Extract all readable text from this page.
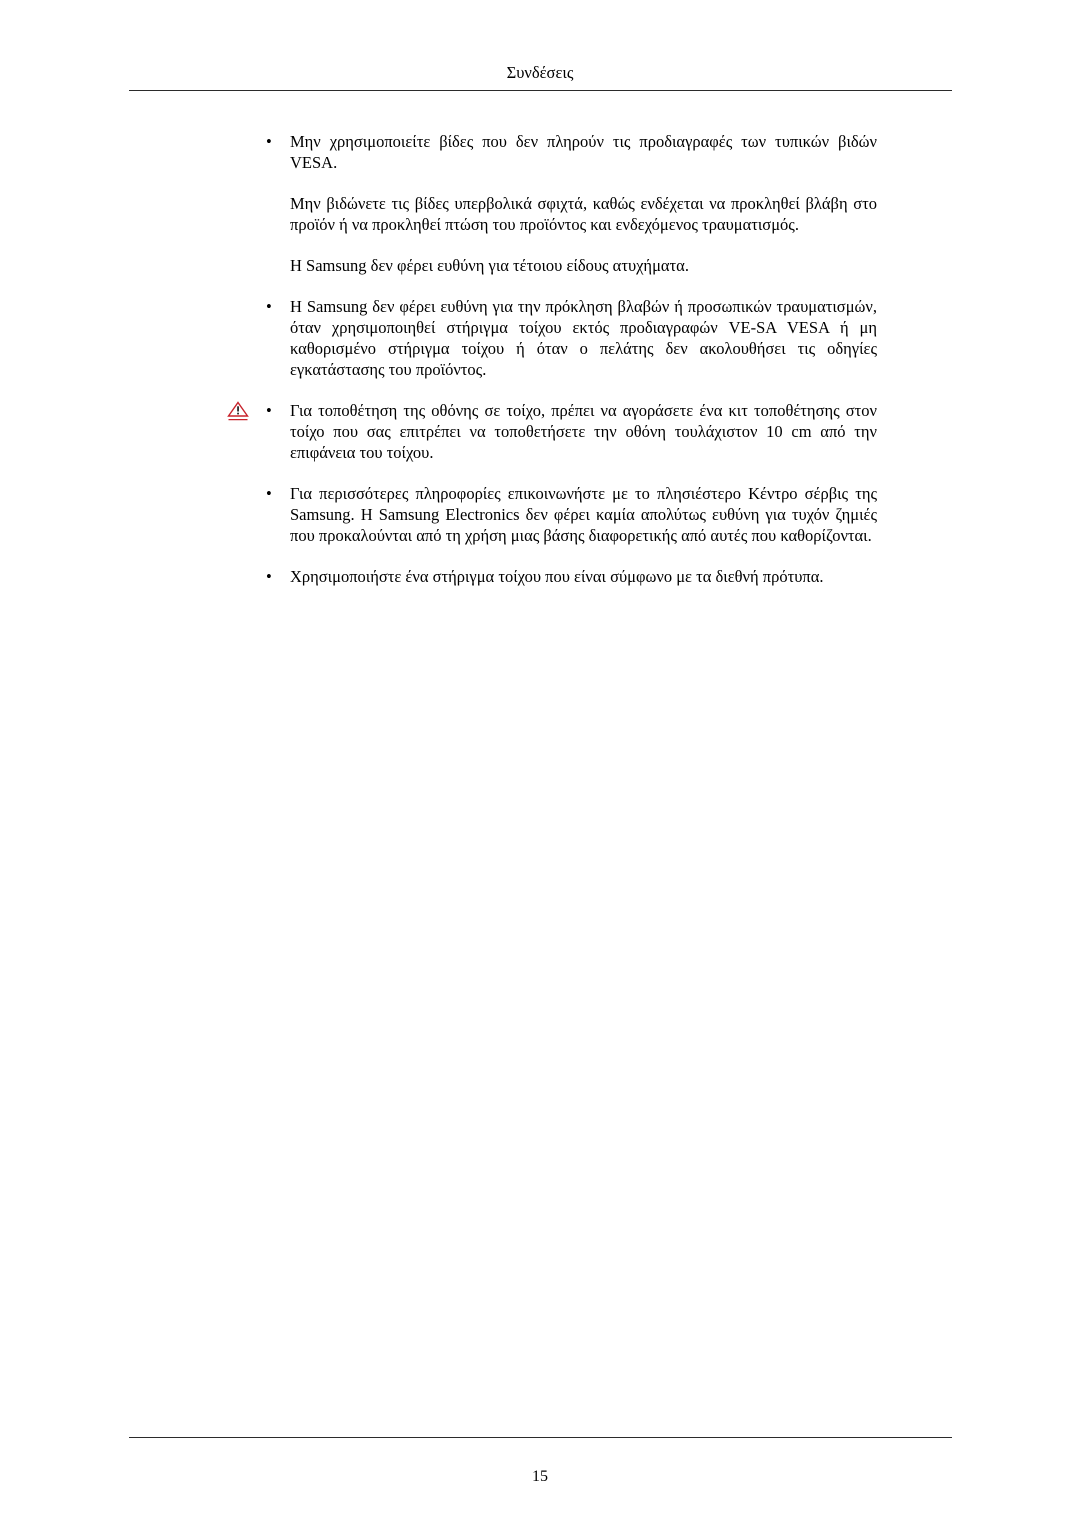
Συνδέσεις
• Μην χρησιμοποιείτε βίδες που δεν πληρούν τις προδιαγραφές των τυπικών βιδών VESA.
Μην βιδώνετε τις βίδες υπερβολικά σφιχτά, καθώς ενδέχεται να προκληθεί βλάβη στο προϊόν ή να προκληθεί πτώση του προϊόντος και ενδεχόμενος τραυματισμός.
Η Samsung δεν φέρει ευθύνη για τέτοιου είδους ατυχήματα.
• Η Samsung δεν φέρει ευθύνη για την πρόκληση βλαβών ή προσωπικών τραυματισμών, όταν χρησιμοποιηθεί στήριγμα τοίχου εκτός προδιαγραφών VE-SA VESA ή μη καθορισμένο στήριγμα τοίχου ή όταν ο πελάτης δεν ακολουθήσει τις οδηγίες εγκατάστασης του προϊόντος.
• Για τοποθέτηση της οθόνης σε τοίχο, πρέπει να αγοράσετε ένα κιτ τοποθέτησης στον τοίχο που σας επιτρέπει να τοποθετήσετε την οθόνη τουλάχιστον 10 cm από την επιφάνεια του τοίχου.
• Για περισσότερες πληροφορίες επικοινωνήστε με το πλησιέστερο Κέντρο σέρβις της Samsung. Η Samsung Electronics δεν φέρει καμία απολύτως ευθύνη για τυχόν ζημιές που προκαλούνται από τη χρήση μιας βάσης διαφορετικής από αυτές που καθορίζονται.
• Χρησιμοποιήστε ένα στήριγμα τοίχου που είναι σύμφωνο με τα διεθνή πρότυπα.
15
